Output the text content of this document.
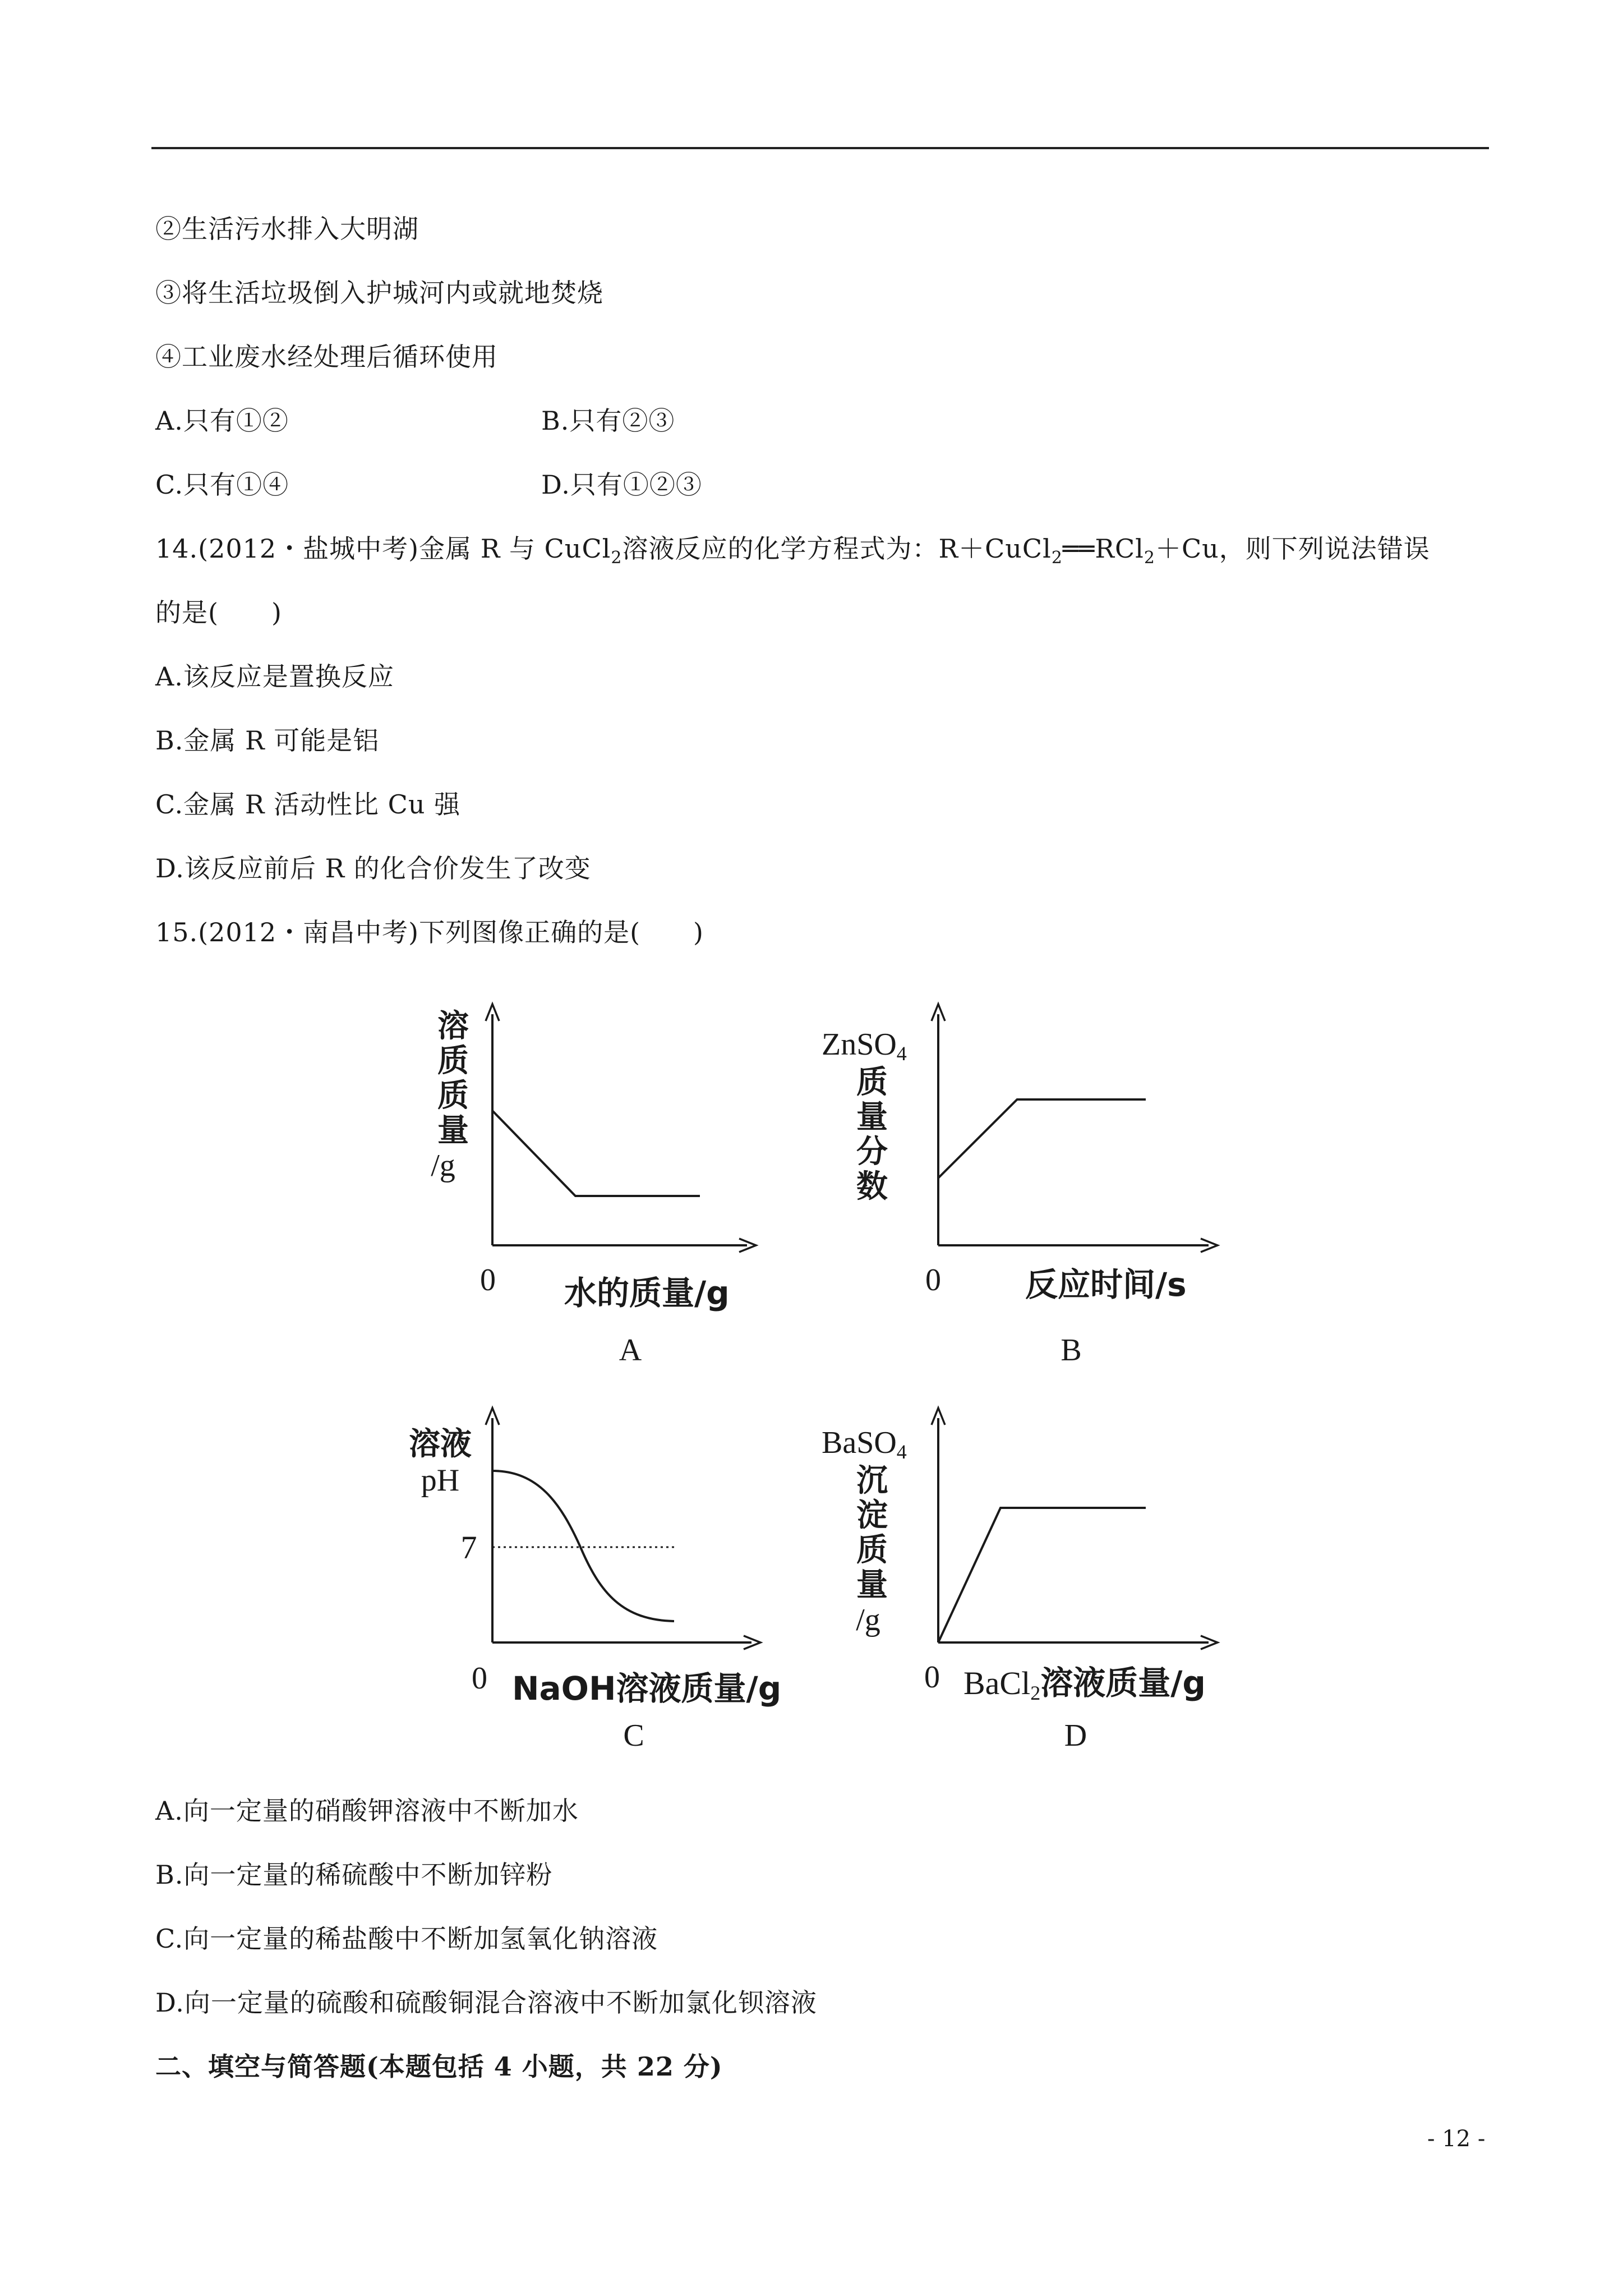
②生活污水排入大明湖
③将生活垃圾倒入护城河内或就地焚烧
④工业废水经处理后循环使用
A.只有①②	B.只有②③
C.只有①④	D.只有①②③
14.(2012・盐城中考)金属 R 与 CuCl$_2$溶液反应的化学方程式为：R＋CuCl$_2$══RCl$_2$＋Cu，则下列说法错误
的是(　　)
A.该反应是置换反应
B.金属 R 可能是铝
C.金属 R 活动性比 Cu 强
D.该反应前后 R 的化合价发生了改变
15.(2012・南昌中考)下列图像正确的是(　　)
溶
质
质
量
/g
0 水的质量/g
A
ZnSO4
质
量
分
数
0	反应时间/s
B
溶液
pH
7
0 NaOH溶液质量/g
C
BaSO4
沉
淀
质
量
/g
0 BaCl2溶液质量/g
D
A.向一定量的硝酸钾溶液中不断加水
B.向一定量的稀硫酸中不断加锌粉
C.向一定量的稀盐酸中不断加氢氧化钠溶液
D.向一定量的硫酸和硫酸铜混合溶液中不断加氯化钡溶液
二、填空与简答题(本题包括 4 小题，共 22 分)
- 12 -
